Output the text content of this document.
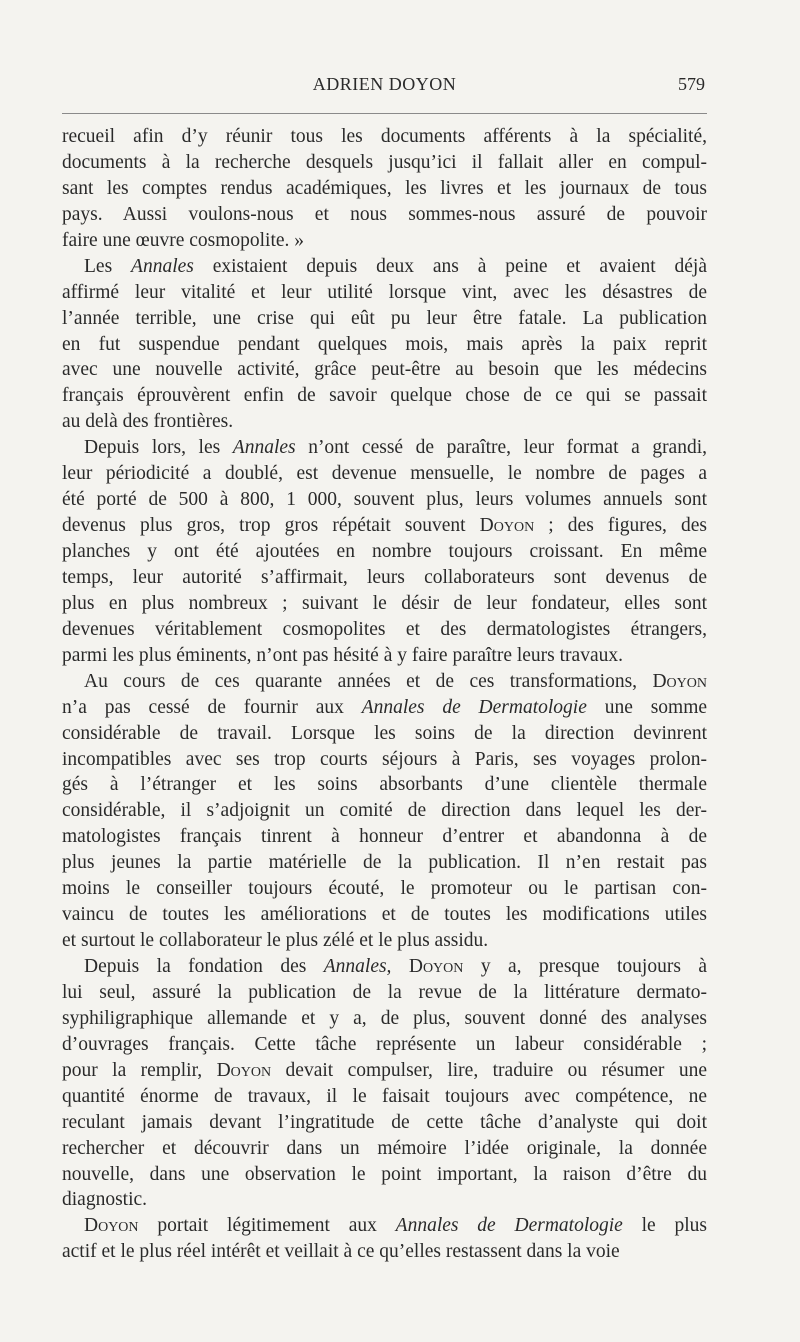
ADRIEN DOYON	579
recueil afin d’y réunir tous les documents afférents à la spécialité,
documents à la recherche desquels jusqu’ici il fallait aller en compul-
sant les comptes rendus académiques, les livres et les journaux de tous
pays. Aussi voulons-nous et nous sommes-nous assuré de pouvoir
faire une œuvre cosmopolite. »
Les Annales existaient depuis deux ans à peine et avaient déjà
affirmé leur vitalité et leur utilité lorsque vint, avec les désastres de
l’année terrible, une crise qui eût pu leur être fatale. La publication
en fut suspendue pendant quelques mois, mais après la paix reprit
avec une nouvelle activité, grâce peut-être au besoin que les médecins
français éprouvèrent enfin de savoir quelque chose de ce qui se passait
au delà des frontières.
Depuis lors, les Annales n’ont cessé de paraître, leur format a grandi,
leur périodicité a doublé, est devenue mensuelle, le nombre de pages a
été porté de 500 à 800, 1 000, souvent plus, leurs volumes annuels sont
devenus plus gros, trop gros répétait souvent Doyon ; des figures, des
planches y ont été ajoutées en nombre toujours croissant. En même
temps, leur autorité s’affirmait, leurs collaborateurs sont devenus de
plus en plus nombreux ; suivant le désir de leur fondateur, elles sont
devenues véritablement cosmopolites et des dermatologistes étrangers,
parmi les plus éminents, n’ont pas hésité à y faire paraître leurs travaux.
Au cours de ces quarante années et de ces transformations, Doyon
n’a pas cessé de fournir aux Annales de Dermatologie une somme
considérable de travail. Lorsque les soins de la direction devinrent
incompatibles avec ses trop courts séjours à Paris, ses voyages prolon-
gés à l’étranger et les soins absorbants d’une clientèle thermale
considérable, il s’adjoignit un comité de direction dans lequel les der-
matologistes français tinrent à honneur d’entrer et abandonna à de
plus jeunes la partie matérielle de la publication. Il n’en restait pas
moins le conseiller toujours écouté, le promoteur ou le partisan con-
vaincu de toutes les améliorations et de toutes les modifications utiles
et surtout le collaborateur le plus zélé et le plus assidu.
Depuis la fondation des Annales, Doyon y a, presque toujours à
lui seul, assuré la publication de la revue de la littérature dermato-
syphiligraphique allemande et y a, de plus, souvent donné des analyses
d’ouvrages français. Cette tâche représente un labeur considérable ;
pour la remplir, Doyon devait compulser, lire, traduire ou résumer une
quantité énorme de travaux, il le faisait toujours avec compétence, ne
reculant jamais devant l’ingratitude de cette tâche d’analyste qui doit
rechercher et découvrir dans un mémoire l’idée originale, la donnée
nouvelle, dans une observation le point important, la raison d’être du
diagnostic.
Doyon portait légitimement aux Annales de Dermatologie le plus
actif et le plus réel intérêt et veillait à ce qu’elles restassent dans la voie
